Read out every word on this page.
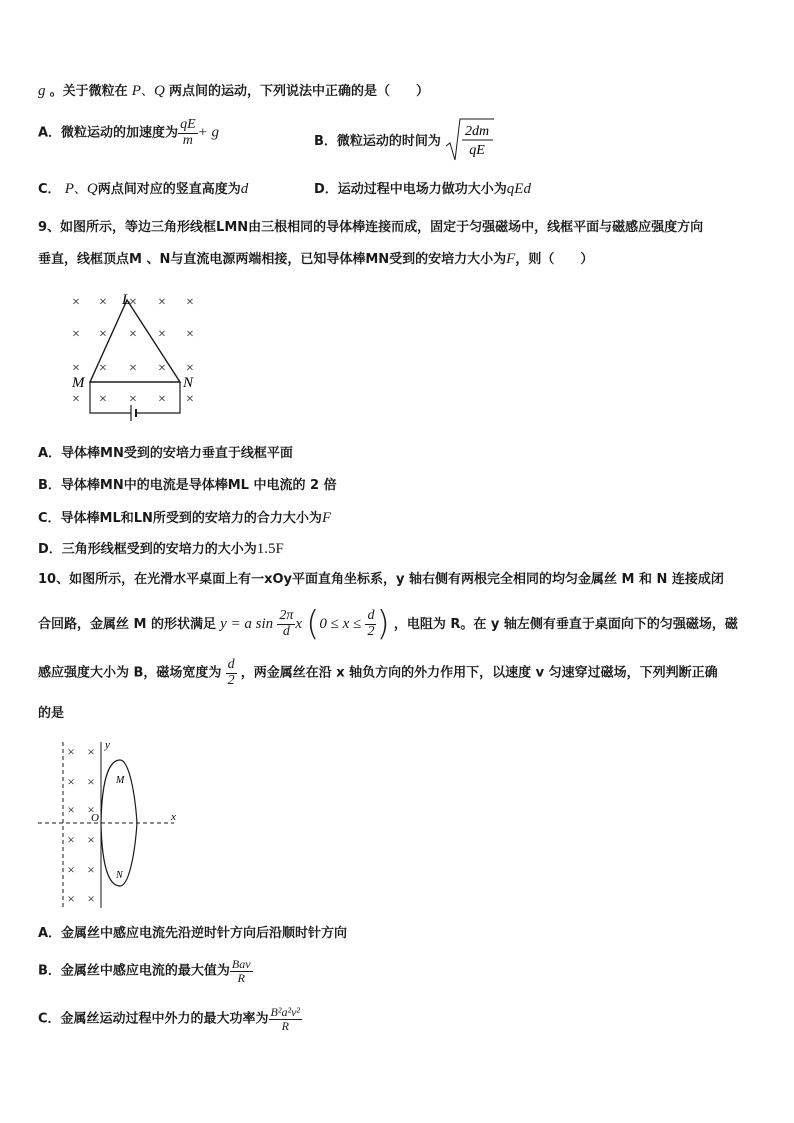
g 。关于微粒在 P、Q 两点间的运动，下列说法中正确的是（　　）
A．微粒运动的加速度为 $\frac{qE}{m} + g$
B．微粒运动的时间为
2dm
qE
C． P、Q两点间对应的竖直高度为d	D．运动过程中电场力做功大小为qEd
9、如图所示，等边三角形线框LMN由三根相同的导体棒连接而成，固定于匀强磁场中，线框平面与磁感应强度方向
垂直，线框顶点M 、N与直流电源两端相接，已知导体棒MN受到的安培力大小为F，则（　　）
× × × × ×
× × × × ×
× × × × ×
× × × × ×
L
M	N
A．导体棒MN受到的安培力垂直于线框平面
B．导体棒MN中的电流是导体棒ML 中电流的 2 倍
C．导体棒ML和LN所受到的安培力的合力大小为F
D．三角形线框受到的安培力的大小为1.5F
10、如图所示，在光滑水平桌面上有一xOy平面直角坐标系，y 轴右侧有两根完全相同的均匀金属丝 M 和 N 连接成闭
合回路，金属丝 M 的形状满足 y = a $\sin \frac{2\pi}{d}$ x ($0 \le x \le \frac{d}{2}$ ) ，电阻为 R。在 y 轴左侧有垂直于桌面向下的匀强磁场，磁
感应强度大小为 B，磁场宽度为 $\frac{d}{2}$ ，两金属丝在沿 x 轴负方向的外力作用下，以速度 v 匀速穿过磁场，下列判断正确
的是
× ×
× ×
× ×
× ×
× ×
× ×
y
x
O
M
N
A．金属丝中感应电流先沿逆时针方向后沿顺时针方向
B．金属丝中感应电流的最大值为 $\frac{\text{Bav}}{R}$
C．金属丝运动过程中外力的最大功率为 $\frac{\text{B²a²v²}}{R}$
